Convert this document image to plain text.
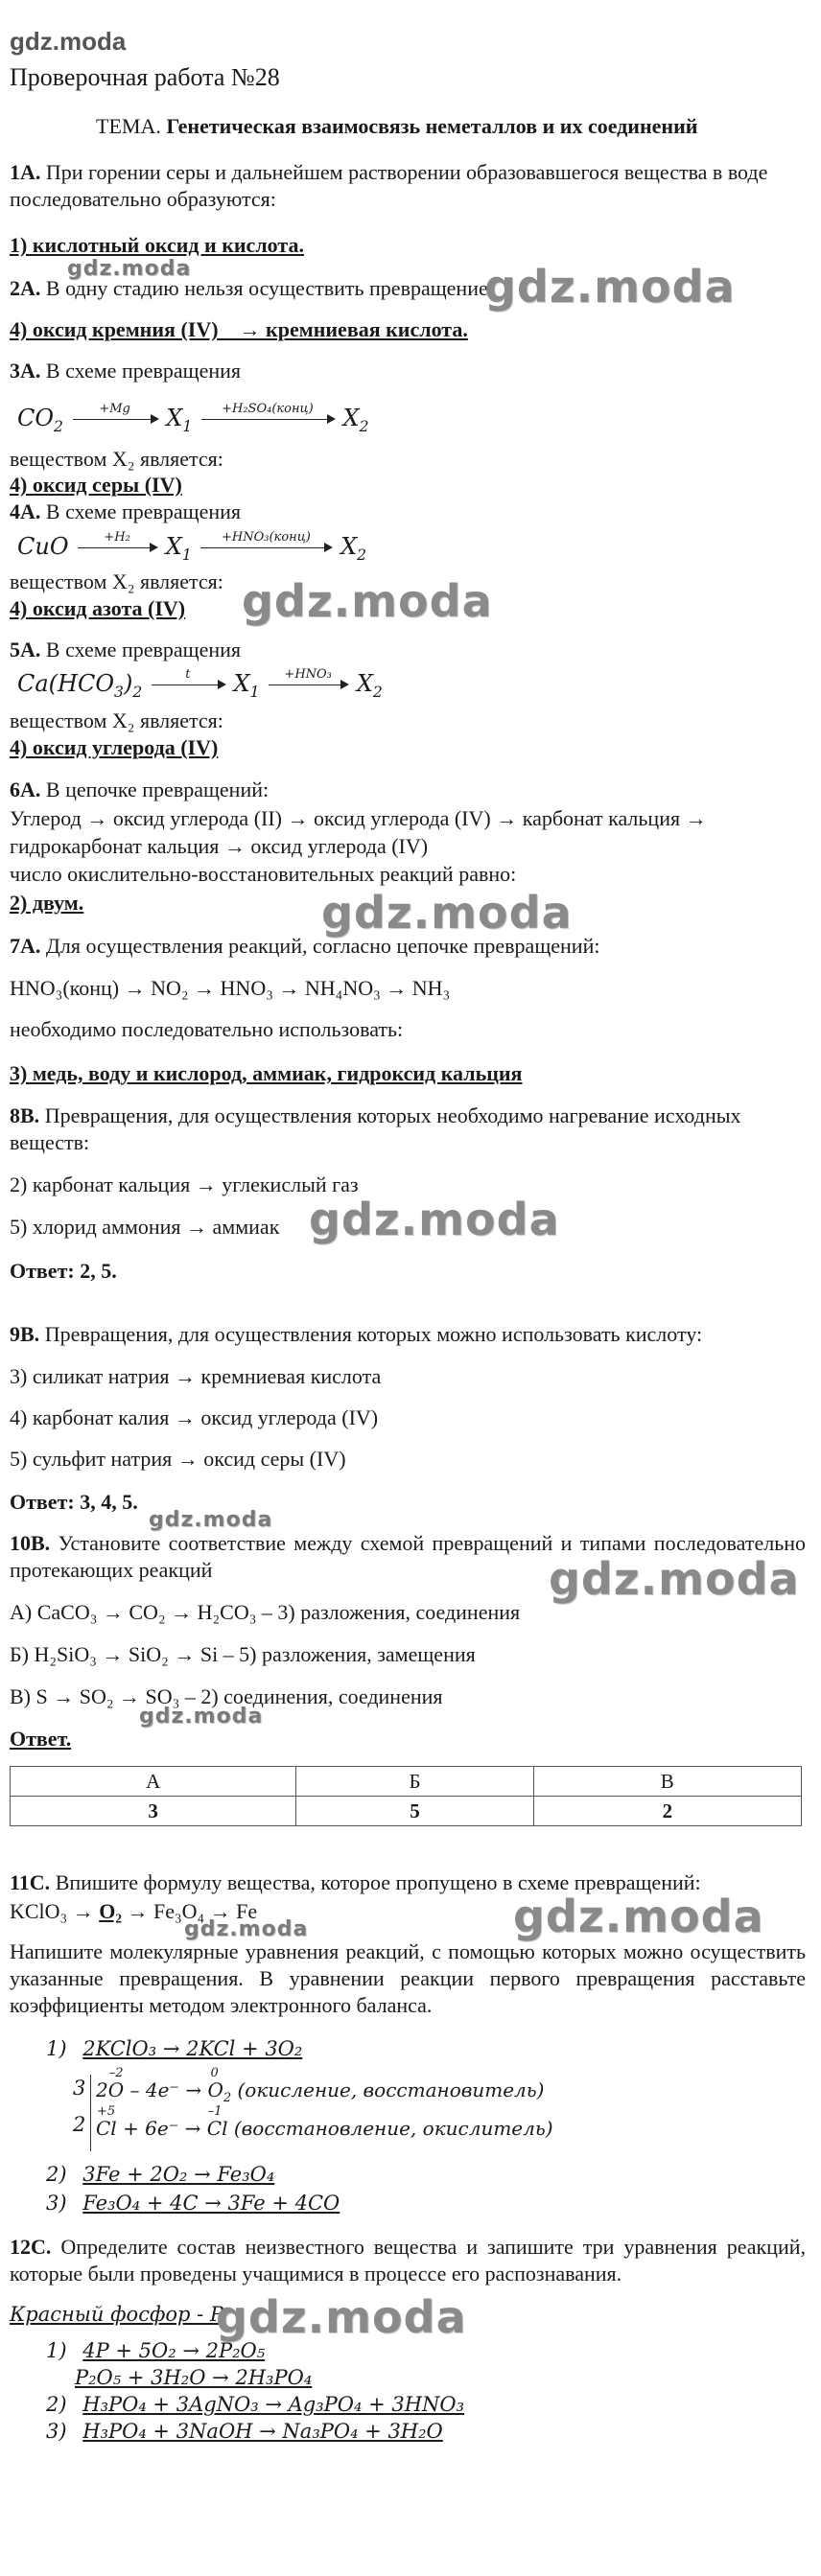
gdz.moda
Проверочная работа №28
ТЕМА. Генетическая взаимосвязь неметаллов и их соединений
1А. При горении серы и дальнейшем растворении образовавшегося вещества в воде последовательно образуются:
1) кислотный оксид и кислота.
gdz.moda
2А. В одну стадию нельзя осуществить превращение
gdz.moda
4) оксид кремния (IV)    → кремниевая кислота.
3А. В схеме превращения
$CO_2$
+Mg	$X_1$
+H₂SO₄(конц)	$X_2$
веществом X₂ является:
4) оксид серы (IV)
4А. В схеме превращения
CuO	+H₂	$X_1$
+HNO₃(конц)	$X_2$
веществом X₂ является:
4) оксид азота (IV) gdz.moda
5А. В схеме превращения
$Ca(HCO_3)_2$
t	$X_1$
+HNO₃	$X_2$
веществом X₂ является:
4) оксид углерода (IV)
6А. В цепочке превращений:
Углерод → оксид углерода (II) → оксид углерода (IV) → карбонат кальция →
гидрокарбонат кальция → оксид углерода (IV)
число окислительно-восстановительных реакций равно:
2) двум.	gdz.moda
7А. Для осуществления реакций, согласно цепочке превращений:
HNO₃(конц) → NO₂ → HNO₃ → NH₄NO₃ → NH₃
необходимо последовательно использовать:
3) медь, воду и кислород, аммиак, гидроксид кальция
8В. Превращения, для осуществления которых необходимо нагревание исходных веществ:
2) карбонат кальция → углекислый газ
5) хлорид аммония → аммиак gdz.moda
Ответ: 2, 5.
9В. Превращения, для осуществления которых можно использовать кислоту:
3) силикат натрия → кремниевая кислота
4) карбонат калия → оксид углерода (IV)
5) сульфит натрия → оксид серы (IV)
Ответ: 3, 4, 5.
gdz.moda
10В. Установите соответствие между схемой превращений и типами последовательно протекающих реакций	gdz.moda
А) CaCO₃ → CO₂ → H₂CO₃ – 3) разложения, соединения
Б) H₂SiO₃ → SiO₂ → Si – 5) разложения, замещения
В) S → SO₂ → SO₃ – 2) соединения, соединения
gdz.moda
Ответ.
А	Б	В
3	5	2
11С. Впишите формулу вещества, которое пропущено в схеме превращений:
KClO₃ → O₂ → Fe₃O₄ → Fe
gdz.moda	gdz.moda
Напишите молекулярные уравнения реакций, с помощью которых можно осуществить указанные превращения. В уравнении реакции первого превращения расставьте коэффициенты методом электронного баланса.
1) 2KClO₃ → 2KCl + 3O₂
3
2
2
–2
O – 4e⁻ →
0
$O_2$ (окисление, восстановитель)
+5
Cl + 6e⁻ →
–1
Cl (восстановление, окислитель)
2) 3Fe + 2O₂ → Fe₃O₄
3) Fe₃O₄ + 4C → 3Fe + 4CO
12С. Определите состав неизвестного вещества и запишите три уравнения реакций, которые были проведены учащимися в процессе его распознавания.
Красный фосфор - P
gdz.moda
1) 4P + 5O₂ → 2P₂O₅
P₂O₅ + 3H₂O → 2H₃PO₄
2) H₃PO₄ + 3AgNO₃ → Ag₃PO₄ + 3HNO₃
3) H₃PO₄ + 3NaOH → Na₃PO₄ + 3H₂O
